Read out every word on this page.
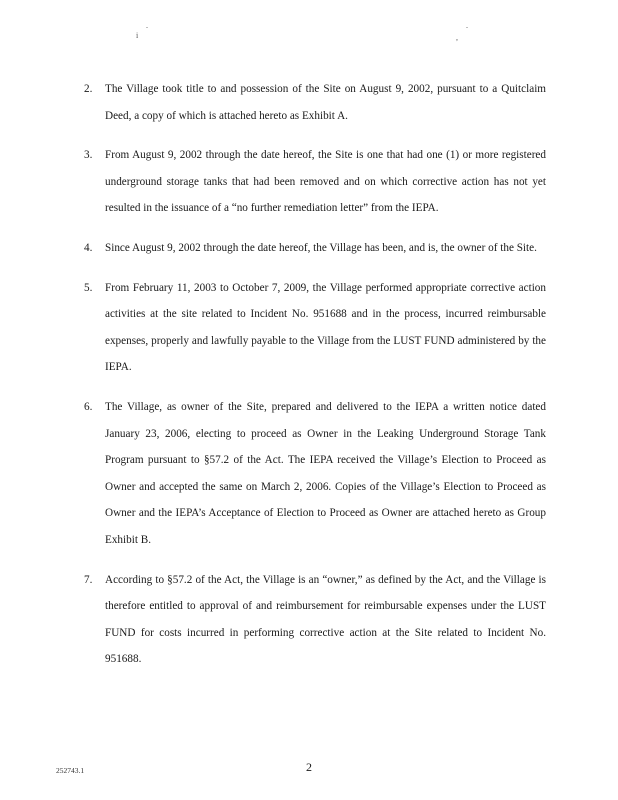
.
i
.
,
2. The Village took title to and possession of the Site on August 9, 2002, pursuant to a Quitclaim Deed, a copy of which is attached hereto as Exhibit A.
3. From August 9, 2002 through the date hereof, the Site is one that had one (1) or more registered underground storage tanks that had been removed and on which corrective action has not yet resulted in the issuance of a “no further remediation letter” from the IEPA.
4. Since August 9, 2002 through the date hereof, the Village has been, and is, the owner of the Site.
5. From February 11, 2003 to October 7, 2009, the Village performed appropriate corrective action activities at the site related to Incident No. 951688 and in the process, incurred reimbursable expenses, properly and lawfully payable to the Village from the LUST FUND administered by the IEPA.
6. The Village, as owner of the Site, prepared and delivered to the IEPA a written notice dated January 23, 2006, electing to proceed as Owner in the Leaking Underground Storage Tank Program pursuant to §57.2 of the Act. The IEPA received the Village’s Election to Proceed as Owner and accepted the same on March 2, 2006. Copies of the Village’s Election to Proceed as Owner and the IEPA’s Acceptance of Election to Proceed as Owner are attached hereto as Group Exhibit B.
7. According to §57.2 of the Act, the Village is an “owner,” as defined by the Act, and the Village is therefore entitled to approval of and reimbursement for reimbursable expenses under the LUST FUND for costs incurred in performing corrective action at the Site related to Incident No. 951688.
252743.1	2
